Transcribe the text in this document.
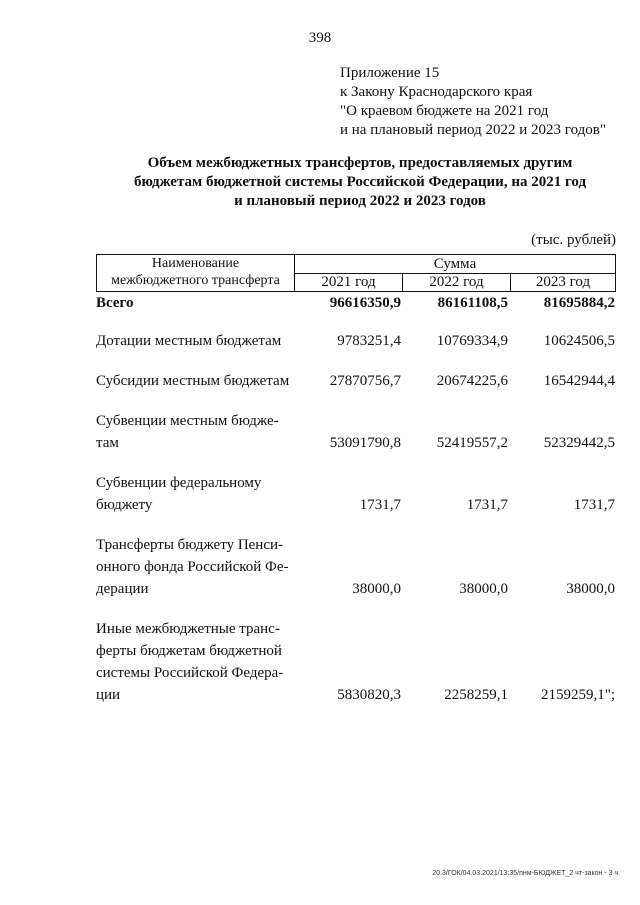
398
Приложение 15
к Закону Краснодарского края
"О краевом бюджете на 2021 год
и на плановый период 2022 и 2023 годов"
Объем межбюджетных трансфертов, предоставляемых другим
бюджетам бюджетной системы Российской Федерации, на 2021 год
и плановый период 2022 и 2023 годов
(тыс. рублей)
Наименование
межбюджетного трансферта
Сумма
2021 год	2022 год	2023 год
Всего	96616350,9	86161108,5	81695884,2
Дотации местным бюджетам	9783251,4	10769334,9	10624506,5
Субсидии местным бюджетам	27870756,7	20674225,6	16542944,4
Субвенции местным бюдже-
там	53091790,8	52419557,2	52329442,5
Субвенции федеральному
бюджету	1731,7	1731,7	1731,7
Трансферты бюджету Пенси-
онного фонда Российской Фе-
дерации	38000,0	38000,0	38000,0
Иные межбюджетные транс-
ферты бюджетам бюджетной
системы Российской Федера-
ции	5830820,3	2258259,1	2159259,1";
20.3/ГОК/04.03.2021/13:35/пнм-БЮДЖЕТ_2 чт-закон - 3 ч.
